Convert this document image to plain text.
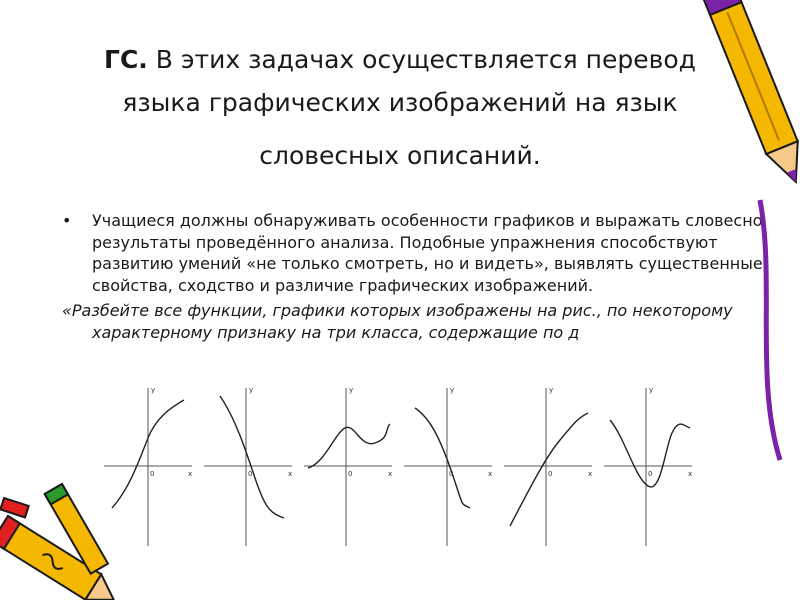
ГС. В этих задачах осуществляется перевод
языка графических изображений на язык
словесных описаний.
• Учащиеся должны обнаруживать особенности графиков и выражать словесно результаты проведённого анализа. Подобные упражнения способствуют развитию умений «не только смотреть, но и видеть», выявлять существенные свойства, сходство и различие графических изображений.
«Разбейте все функции, графики которых изображены на рис., по некоторому характерному признаку на три класса, содержащие по д
y
x
0
y
x
0
y
x
0
y
x
0
y
x
0
y
x
0
